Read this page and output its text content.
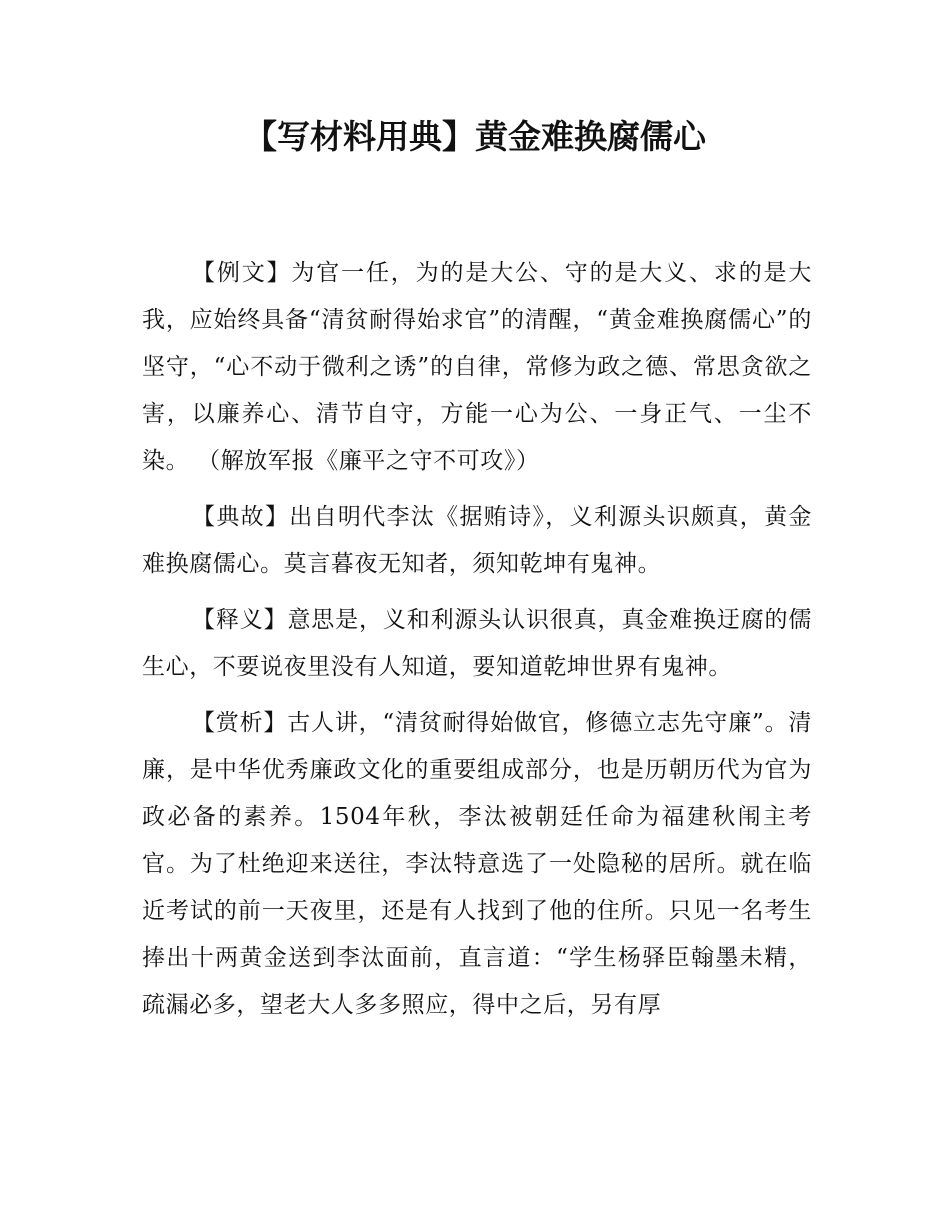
【写材料用典】黄金难换腐儒心

【例文】为官一任，为的是大公、守的是大义、求的是大我，应始终具备“清贫耐得始求官”的清醒，“黄金难换腐儒心”的坚守，“心不动于微利之诱”的自律，常修为政之德、常思贪欲之害，以廉养心、清节自守，方能一心为公、一身正气、一尘不染。 （解放军报《廉平之守不可攻》）

【典故】出自明代李汰《据贿诗》，义利源头识颇真，黄金难换腐儒心。莫言暮夜无知者，须知乾坤有鬼神。

【释义】意思是，义和利源头认识很真，真金难换迂腐的儒生心，不要说夜里没有人知道，要知道乾坤世界有鬼神。

【赏析】古人讲，“清贫耐得始做官，修德立志先守廉”。清廉，是中华优秀廉政文化的重要组成部分，也是历朝历代为官为政必备的素养。1504年秋，李汰被朝廷任命为福建秋闱主考官。为了杜绝迎来送往，李汰特意选了一处隐秘的居所。就在临近考试的前一天夜里，还是有人找到了他的住所。只见一名考生捧出十两黄金送到李汰面前，直言道：“学生杨驿臣翰墨未精，疏漏必多，望老大人多多照应，得中之后，另有厚
